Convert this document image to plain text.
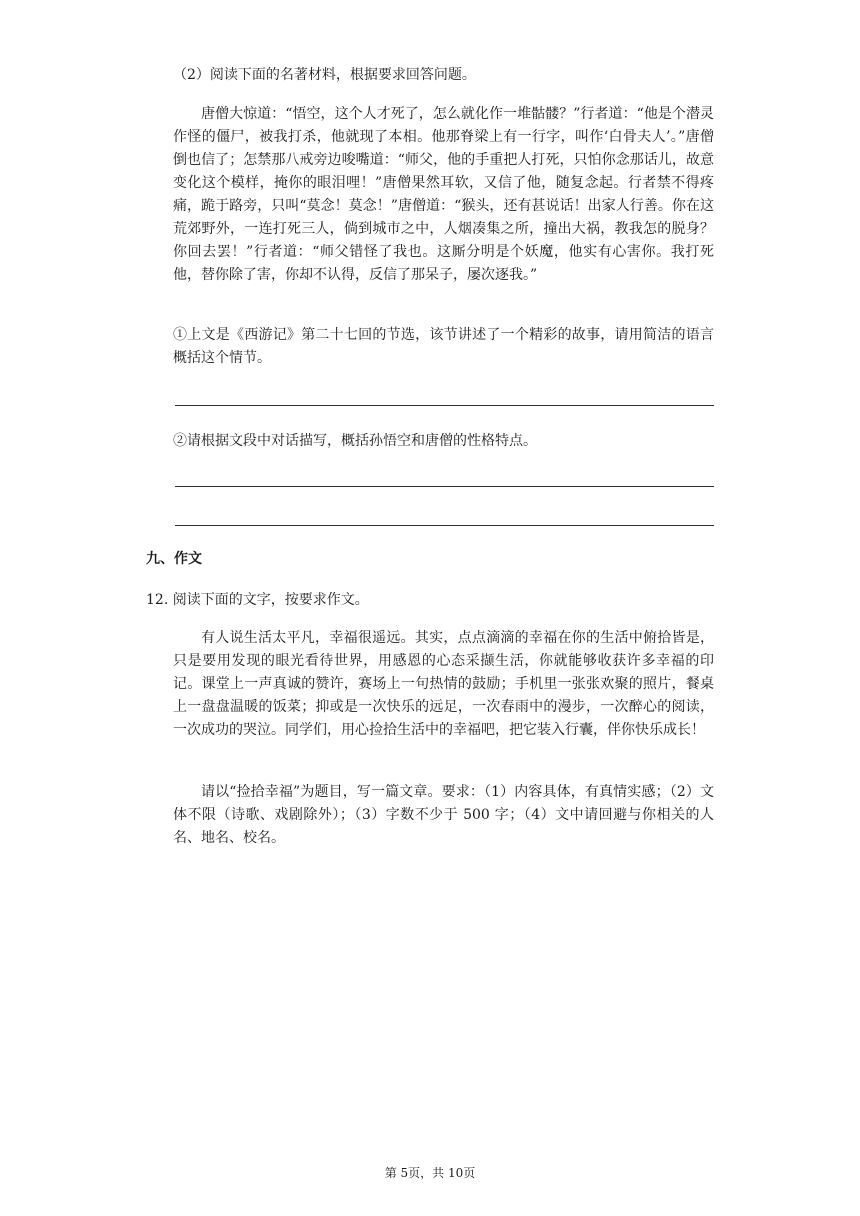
（2）阅读下面的名著材料，根据要求回答问题。

唐僧大惊道：“悟空，这个人才死了，怎么就化作一堆骷髅？”行者道：“他是个潜灵作怪的僵尸，被我打杀，他就现了本相。他那脊梁上有一行字，叫作‘白骨夫人’。”唐僧倒也信了；怎禁那八戒旁边唆嘴道：“师父，他的手重把人打死，只怕你念那话儿，故意变化这个模样，掩你的眼泪哩！”唐僧果然耳软，又信了他，随复念起。行者禁不得疼痛，跪于路旁，只叫“莫念！莫念！”唐僧道：“猴头，还有甚说话！出家人行善。你在这荒郊野外，一连打死三人，倘到城市之中，人烟凑集之所，撞出大祸，教我怎的脱身？你回去罢！”行者道：“师父错怪了我也。这厮分明是个妖魔，他实有心害你。我打死他，替你除了害，你却不认得，反信了那呆子，屡次逐我。”

①上文是《西游记》第二十七回的节选，该节讲述了一个精彩的故事，请用简洁的语言概括这个情节。

②请根据文段中对话描写，概括孙悟空和唐僧的性格特点。

九、作文
12. 阅读下面的文字，按要求作文。

有人说生活太平凡，幸福很遥远。其实，点点滴滴的幸福在你的生活中俯拾皆是，只是要用发现的眼光看待世界，用感恩的心态采撷生活，你就能够收获许多幸福的印记。课堂上一声真诚的赞许，赛场上一句热情的鼓励；手机里一张张欢聚的照片，餐桌上一盘盘温暖的饭菜；抑或是一次快乐的远足，一次春雨中的漫步，一次醉心的阅读，一次成功的哭泣。同学们，用心捡拾生活中的幸福吧，把它装入行囊，伴你快乐成长！

请以“捡拾幸福”为题目，写一篇文章。要求：（1）内容具体，有真情实感；（2）文体不限（诗歌、戏剧除外）；（3）字数不少于 500 字；（4）文中请回避与你相关的人名、地名、校名。

第 5页，共 10页
